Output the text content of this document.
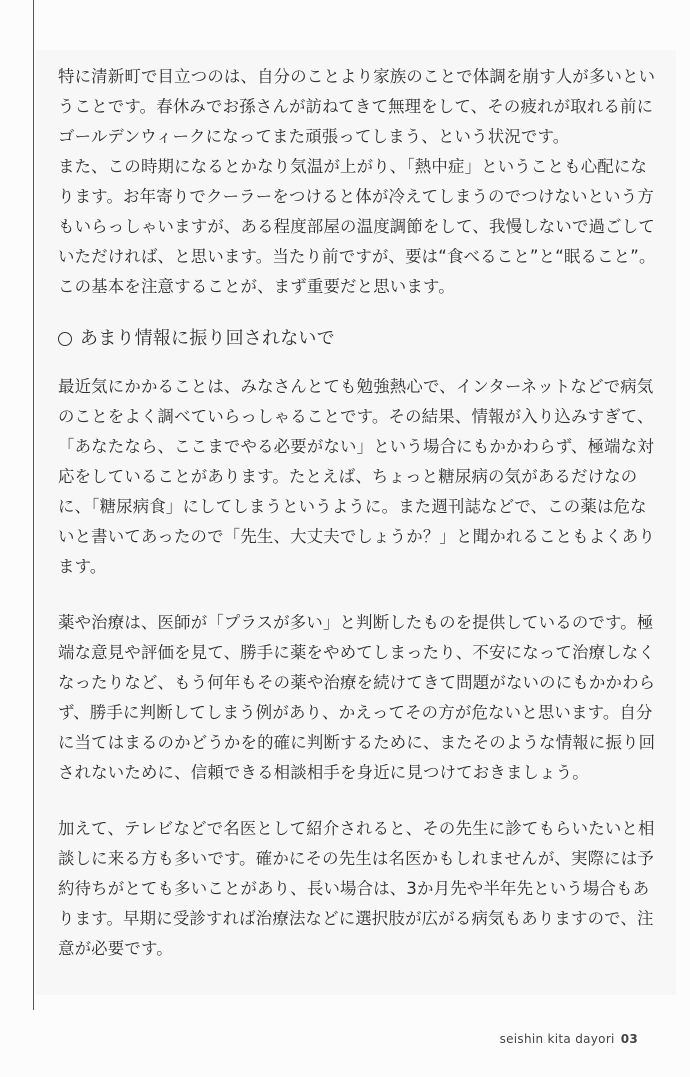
特に清新町で目立つのは、自分のことより家族のことで体調を崩す人が多いということです。春休みでお孫さんが訪ねてきて無理をして、その疲れが取れる前にゴールデンウィークになってまた頑張ってしまう、という状況です。

また、この時期になるとかなり気温が上がり、「熱中症」ということも心配になります。お年寄りでクーラーをつけると体が冷えてしまうのでつけないという方もいらっしゃいますが、ある程度部屋の温度調節をして、我慢しないで過ごしていただければ、と思います。当たり前ですが、要は“食べること”と“眠ること”。この基本を注意することが、まず重要だと思います。

あまり情報に振り回されないで

最近気にかかることは、みなさんとても勉強熱心で、インターネットなどで病気のことをよく調べていらっしゃることです。その結果、情報が入り込みすぎて、「あなたなら、ここまでやる必要がない」という場合にもかかわらず、極端な対応をしていることがあります。たとえば、ちょっと糖尿病の気があるだけなのに、「糖尿病食」にしてしまうというように。また週刊誌などで、この薬は危ないと書いてあったので「先生、大丈夫でしょうか？」と聞かれることもよくあります。

薬や治療は、医師が「プラスが多い」と判断したものを提供しているのです。極端な意見や評価を見て、勝手に薬をやめてしまったり、不安になって治療しなくなったりなど、もう何年もその薬や治療を続けてきて問題がないのにもかかわらず、勝手に判断してしまう例があり、かえってその方が危ないと思います。自分に当てはまるのかどうかを的確に判断するために、またそのような情報に振り回されないために、信頼できる相談相手を身近に見つけておきましょう。

加えて、テレビなどで名医として紹介されると、その先生に診てもらいたいと相談しに来る方も多いです。確かにその先生は名医かもしれませんが、実際には予約待ちがとても多いことがあり、長い場合は、3か月先や半年先という場合もあります。早期に受診すれば治療法などに選択肢が広がる病気もありますので、注意が必要です。

seishin kita dayori 03
